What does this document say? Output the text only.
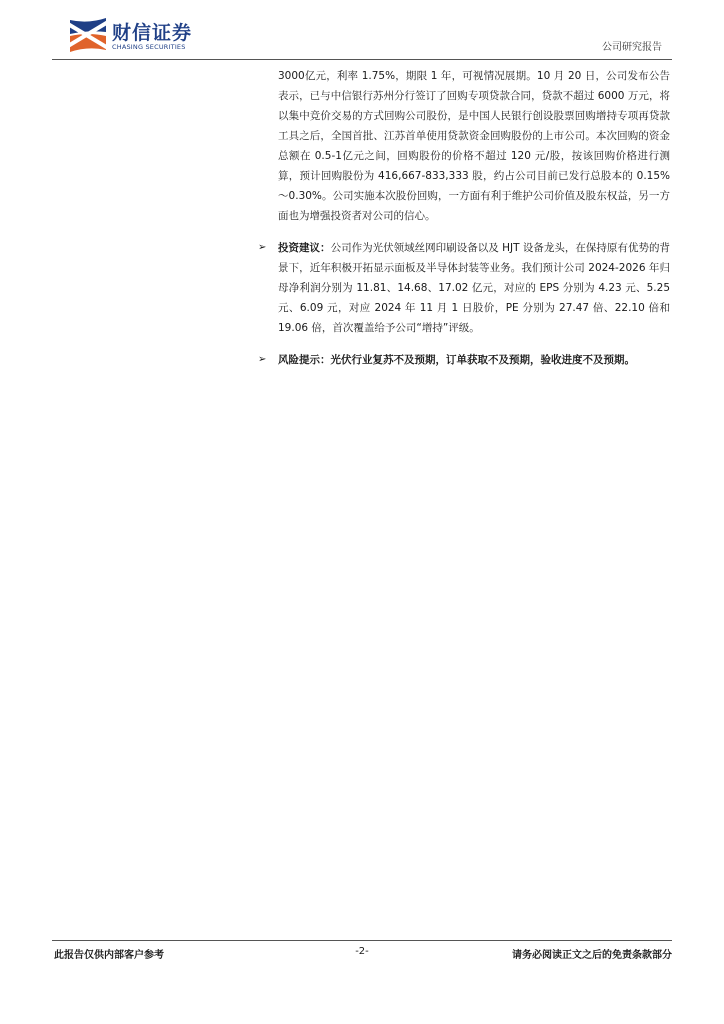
财信证券
CHASING SECURITIES	公司研究报告

3000亿元，利率 1.75%，期限 1 年，可视情况展期。10 月 20 日，公司发布公告表示，已与中信银行苏州分行签订了回购专项贷款合同，贷款不超过 6000 万元，将以集中竞价交易的方式回购公司股份，是中国人民银行创设股票回购增持专项再贷款工具之后，全国首批、江苏首单使用贷款资金回购股份的上市公司。本次回购的资金总额在 0.5-1亿元之间，回购股份的价格不超过 120 元/股，按该回购价格进行测算，预计回购股份为 416,667-833,333 股，约占公司目前已发行总股本的 0.15%～0.30%。公司实施本次股份回购，一方面有利于维护公司价值及股东权益，另一方面也为增强投资者对公司的信心。

➢ 投资建议：公司作为光伏领域丝网印刷设备以及 HJT 设备龙头，在保持原有优势的背景下，近年积极开拓显示面板及半导体封装等业务。我们预计公司 2024-2026 年归母净利润分别为 11.81、14.68、17.02 亿元，对应的 EPS 分别为 4.23 元、5.25 元、6.09 元，对应 2024 年 11 月 1 日股价，PE 分别为 27.47 倍、22.10 倍和 19.06 倍，首次覆盖给予公司“增持”评级。

➢ 风险提示：光伏行业复苏不及预期，订单获取不及预期，验收进度不及预期。

此报告仅供内部客户参考	-2-	请务必阅读正文之后的免责条款部分
